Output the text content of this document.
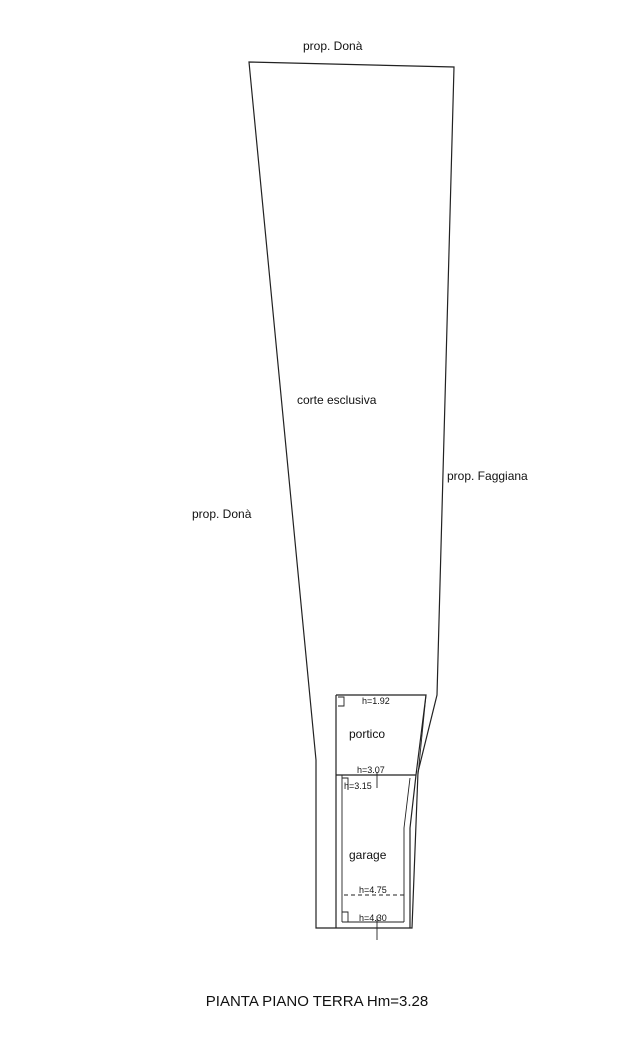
prop. Donà
corte esclusiva
prop. Faggiana
prop. Donà
portico
garage
h=1.92
h=3.07
h=3.15
h=4.75
h=4.30
PIANTA PIANO TERRA Hm=3.28
